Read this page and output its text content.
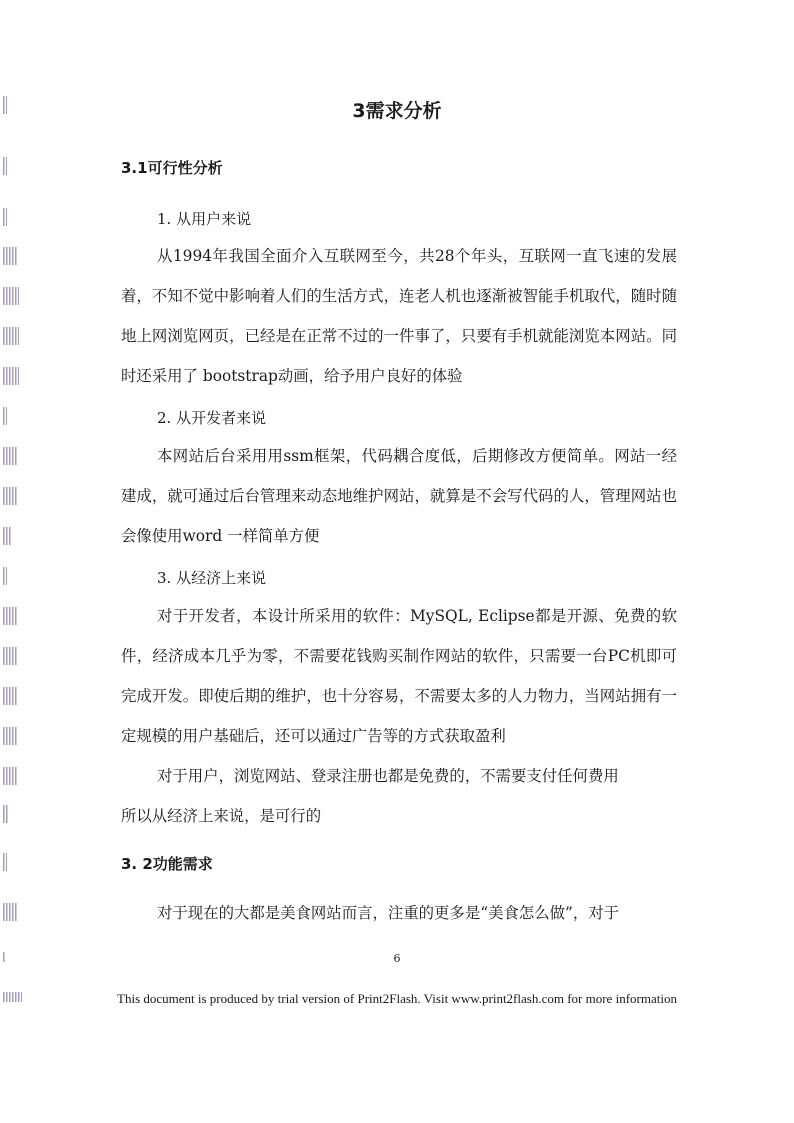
3需求分析
3.1可行性分析
1. 从用户来说

从1994年我国全面介入互联网至今，共28个年头，互联网一直飞速的发展着，不知不觉中影响着人们的生活方式，连老人机也逐渐被智能手机取代，随时随地上网浏览网页，已经是在正常不过的一件事了，只要有手机就能浏览本网站。同时还采用了 bootstrap动画，给予用户良好的体验

2. 从开发者来说

本网站后台采用用ssm框架，代码耦合度低，后期修改方便简单。网站一经建成，就可通过后台管理来动态地维护网站，就算是不会写代码的人，管理网站也会像使用word 一样简单方便

3. 从经济上来说

对于开发者，本设计所采用的软件：MySQL, Eclipse都是开源、免费的软件，经济成本几乎为零，不需要花钱购买制作网站的软件，只需要一台PC机即可完成开发。即使后期的维护，也十分容易，不需要太多的人力物力，当网站拥有一定规模的用户基础后，还可以通过广告等的方式获取盈利

对于用户，浏览网站、登录注册也都是免费的，不需要支付任何费用

所以从经济上来说，是可行的

3. 2功能需求

对于现在的大都是美食网站而言，注重的更多是“美食怎么做”，对于

6
This document is produced by trial version of Print2Flash. Visit www.print2flash.com for more information
